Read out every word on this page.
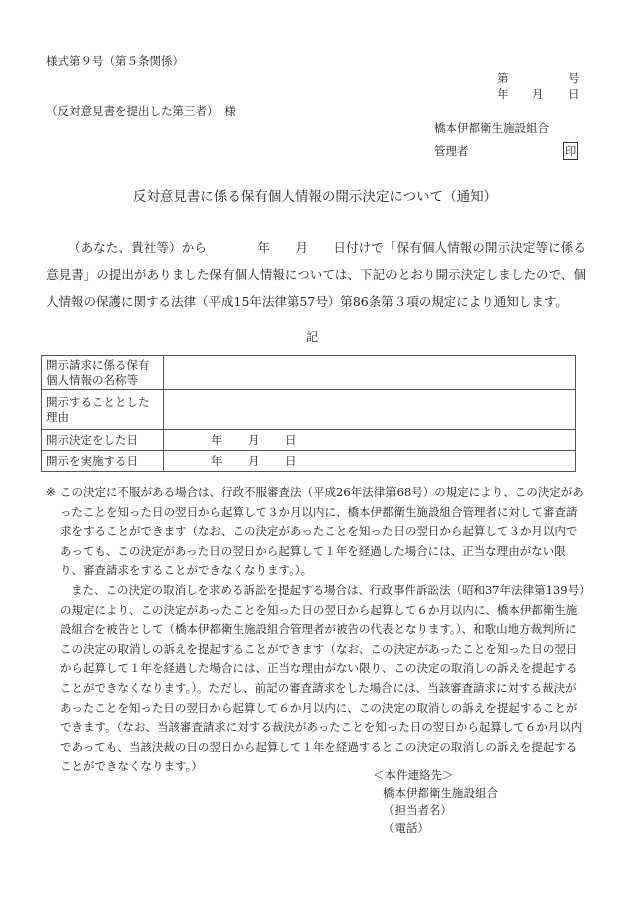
様式第９号（第５条関係）
第	号
年 月 日
（反対意見書を提出した第三者）　様
橋本伊都衛生施設組合
管理者	印
反対意見書に係る保有個人情報の開示決定について（通知）
（あなた、貴社等）から　　　　年　　月　　日付けで「保有個人情報の開示決定等に係る意見書」の提出がありました保有個人情報については、下記のとおり開示決定しましたので、個人情報の保護に関する法律（平成15年法律第57号）第86条第３項の規定により通知します。
記
開示請求に係る保有個人情報の名称等	
開示することとした理由	
開示決定をした日	年 月 日
開示を実施する日	年 月 日
※ この決定に不服がある場合は、行政不服審査法（平成26年法律第68号）の規定により、この決定があったことを知った日の翌日から起算して３か月以内に、橋本伊都衛生施設組合管理者に対して審査請求をすることができます（なお、この決定があったことを知った日の翌日から起算して３か月以内であっても、この決定があった日の翌日から起算して１年を経過した場合には、正当な理由がない限り、審査請求をすることができなくなります。）。

また、この決定の取消しを求める訴訟を提起する場合は、行政事件訴訟法（昭和37年法律第139号）の規定により、この決定があったことを知った日の翌日から起算して６か月以内に、橋本伊都衛生施設組合を被告として（橋本伊都衛生施設組合管理者が被告の代表となります。）、和歌山地方裁判所にこの決定の取消しの訴えを提起することができます（なお、この決定があったことを知った日の翌日から起算して１年を経過した場合には、正当な理由がない限り、この決定の取消しの訴えを提起することができなくなります。）。ただし、前記の審査請求をした場合には、当該審査請求に対する裁決があったことを知った日の翌日から起算して６か月以内に、この決定の取消しの訴えを提起することができます。（なお、当該審査請求に対する裁決があったことを知った日の翌日から起算して６か月以内であっても、当該決裁の日の翌日から起算して１年を経過するとこの決定の取消しの訴えを提起することができなくなります。）

＜本件連絡先＞
橋本伊都衛生施設組合
（担当者名）
（電話）
